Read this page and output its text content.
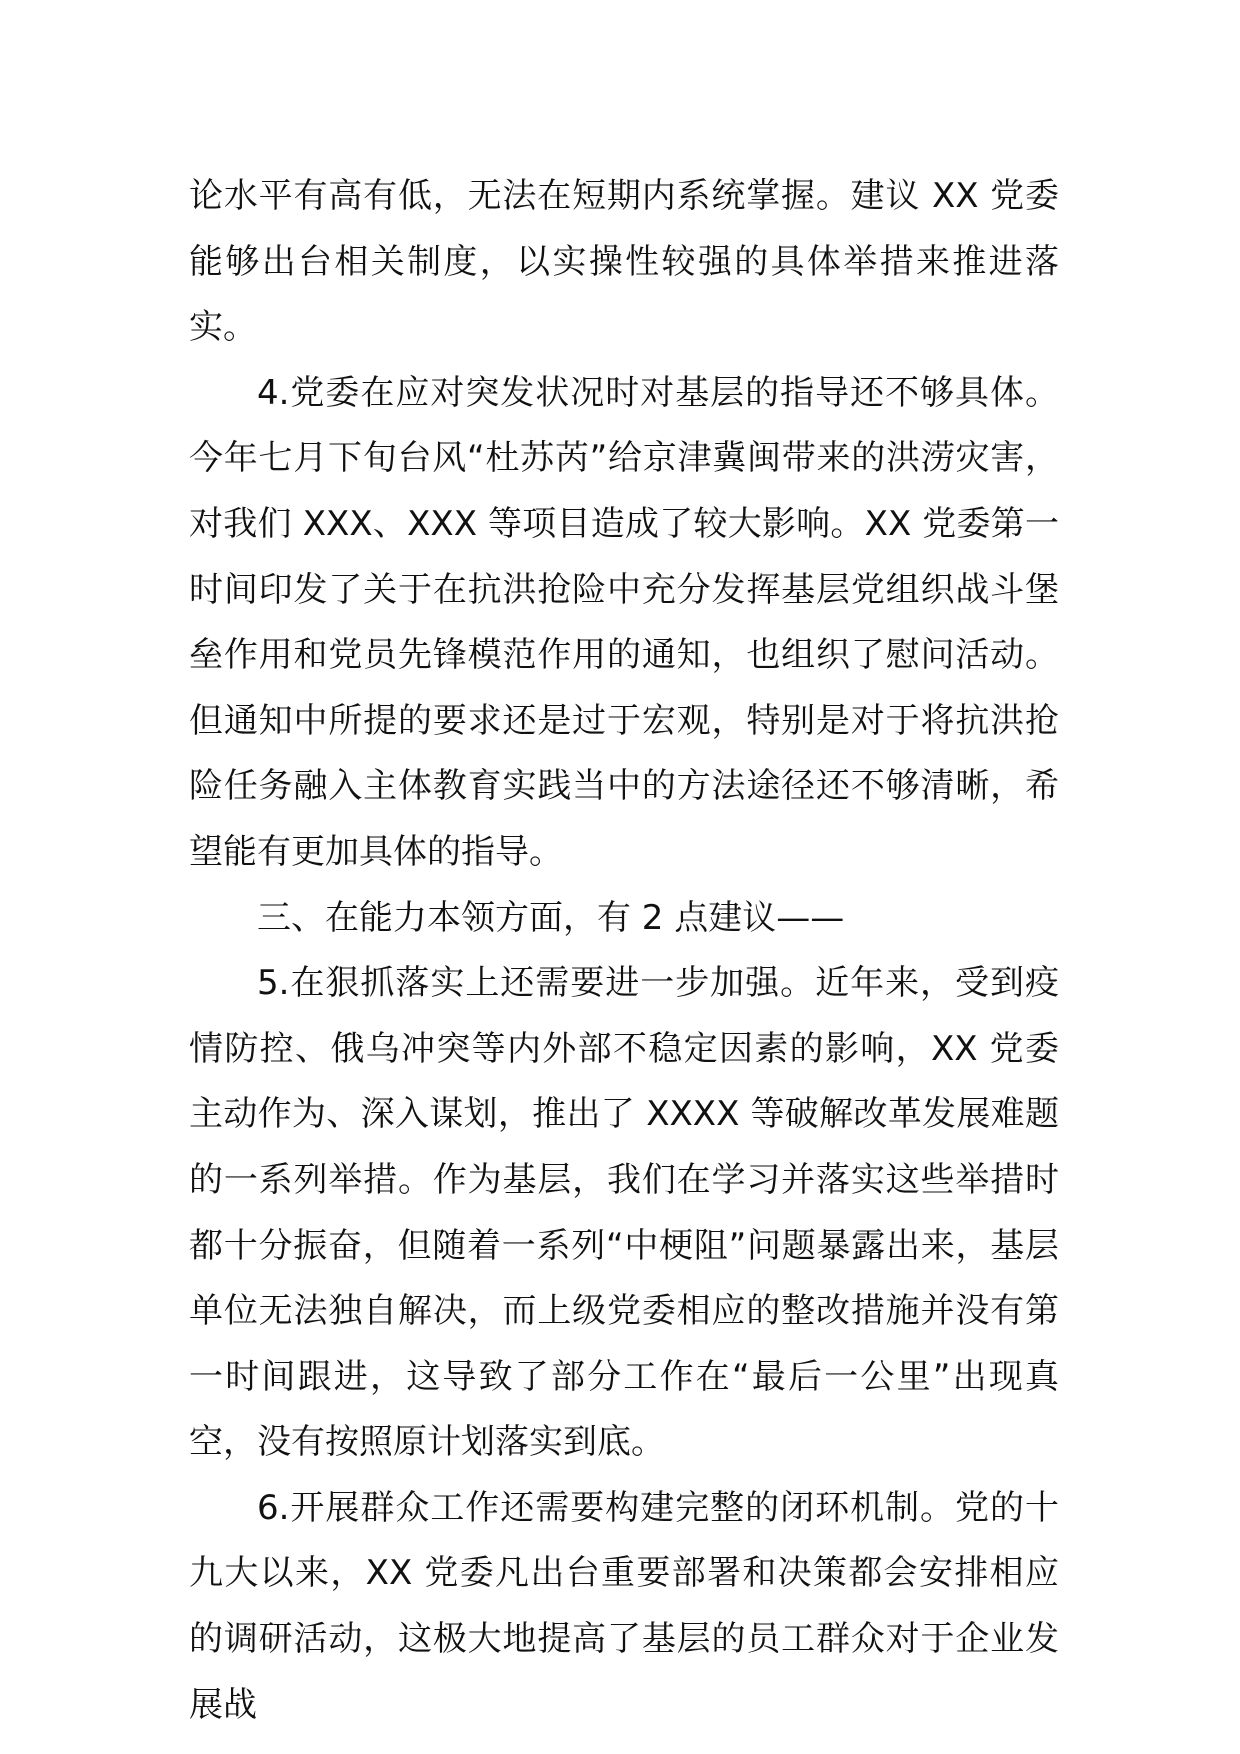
论水平有高有低，无法在短期内系统掌握。建议 XX 党委能够出台相关制度，以实操性较强的具体举措来推进落实。

4.党委在应对突发状况时对基层的指导还不够具体。今年七月下旬台风“杜苏芮”给京津冀闽带来的洪涝灾害，对我们 XXX、XXX 等项目造成了较大影响。XX 党委第一时间印发了关于在抗洪抢险中充分发挥基层党组织战斗堡垒作用和党员先锋模范作用的通知，也组织了慰问活动。但通知中所提的要求还是过于宏观，特别是对于将抗洪抢险任务融入主体教育实践当中的方法途径还不够清晰，希望能有更加具体的指导。

三、在能力本领方面，有 2 点建议——

5.在狠抓落实上还需要进一步加强。近年来，受到疫情防控、俄乌冲突等内外部不稳定因素的影响，XX 党委主动作为、深入谋划，推出了 XXXX 等破解改革发展难题的一系列举措。作为基层，我们在学习并落实这些举措时都十分振奋，但随着一系列“中梗阻”问题暴露出来，基层单位无法独自解决，而上级党委相应的整改措施并没有第一时间跟进，这导致了部分工作在“最后一公里”出现真空，没有按照原计划落实到底。

6.开展群众工作还需要构建完整的闭环机制。党的十九大以来，XX 党委凡出台重要部署和决策都会安排相应的调研活动，这极大地提高了基层的员工群众对于企业发展战
